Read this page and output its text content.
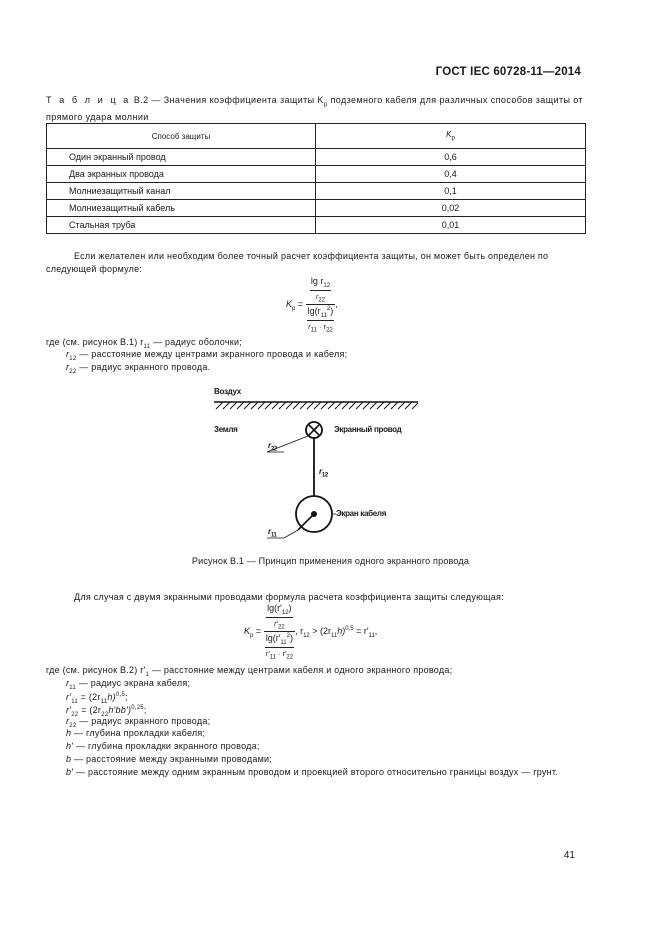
ГОСТ IEC 60728-11—2014
Т а б л и ц а В.2 — Значения коэффициента защиты $K_p$ подземного кабеля для различных способов защиты от прямого удара молнии
Способ защиты	$K_p$
Один экранный провод	0,6
Два экранных провода	0,4
Молниезащитный канал	0,1
Молниезащитный кабель	0,02
Стальная труба	0,01
Если желателен или необходим более точный расчет коэффициента защиты, он может быть определен по
следующей формуле:
$K_p = \frac{\frac{\lg r_{12}}{r_{22}}}{\frac{\lg(r_{11}^2)}{r_{11} \cdot r_{22}}}$ ,
где (см. рисунок В.1) $r_{11}$ — радиус оболочки;
$r_{12}$ — расстояние между центрами экранного провода и кабеля;
$r_{22}$ — радиус экранного провода.
Воздух
Земля	Экранный провод
$r_{22}$
$r_{12}$
Экран кабеля
$r_{11}$
Рисунок В.1 — Принцип применения одного экранного провода
Для случая с двумя экранными проводами формула расчета коэффициента защиты следующая:
$K_p = \frac{\frac{\lg(r'_{12})}{r'_{22}}}{\frac{\lg(r'_{11}^2)}{r'_{11} \cdot r'_{22}}}$ , $r_{12} > (2r_{11}h)^{0,5} = r'_{11}$,
где (см. рисунок В.2) $r'_1$ — расстояние между центрами кабеля и одного экранного провода;
$r_{11}$ — радиус экрана кабеля;
$r'_{11} = (2r_{11}h)^{0,5}$;
$r'_{22} = (2r_{22}h'bb')^{0,25}$;
$r_{22}$ — радиус экранного провода;
h — глубина прокладки кабеля;
h′ — глубина прокладки экранного провода;
b — расстояние между экранными проводами;
b′ — расстояние между одним экранным проводом и проекцией второго относительно границы воздух — грунт.
41
